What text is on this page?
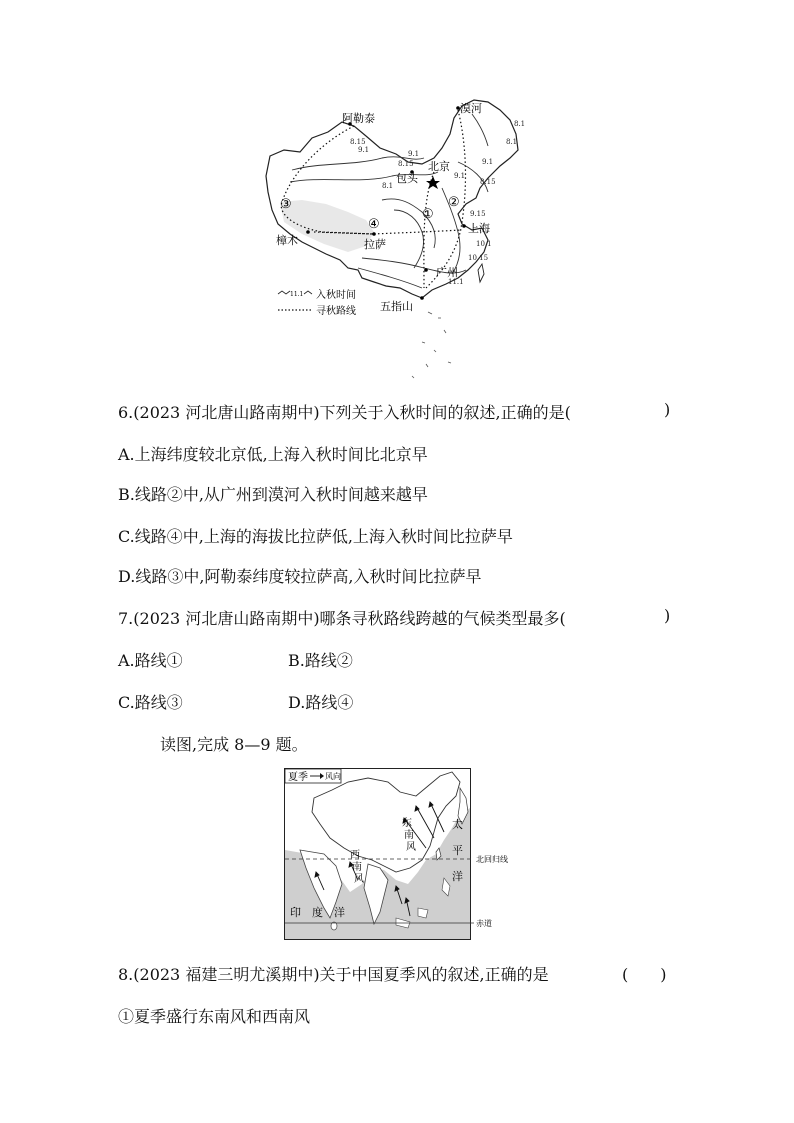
阿勒泰
漠河
北京
包头
上海
樟木	拉萨
广州
五指山
①
②
③
④
8.1
8.15
9.1
8.15
9.1
8.1
9.1
8.15
8.1
9.15
10.1
10.15
11.1
9.1
11.1 入秋时间
寻秋路线
6.(2023 河北唐山路南期中)下列关于入秋时间的叙述,正确的是(	)
A.上海纬度较北京低,上海入秋时间比北京早
B.线路②中,从广州到漠河入秋时间越来越早
C.线路④中,上海的海拔比拉萨低,上海入秋时间比拉萨早
D.线路③中,阿勒泰纬度较拉萨高,入秋时间比拉萨早
7.(2023 河北唐山路南期中)哪条寻秋路线跨越的气候类型最多(	)
A.路线①	B.路线②
C.路线③	D.路线④
读图,完成 8—9 题。
北回归线
赤道
夏季 风向
东
南
风
西
南
风
太
平
洋
印　度　洋
8.(2023 福建三明尤溪期中)关于中国夏季风的叙述,正确的是	(　　)
①夏季盛行东南风和西南风
